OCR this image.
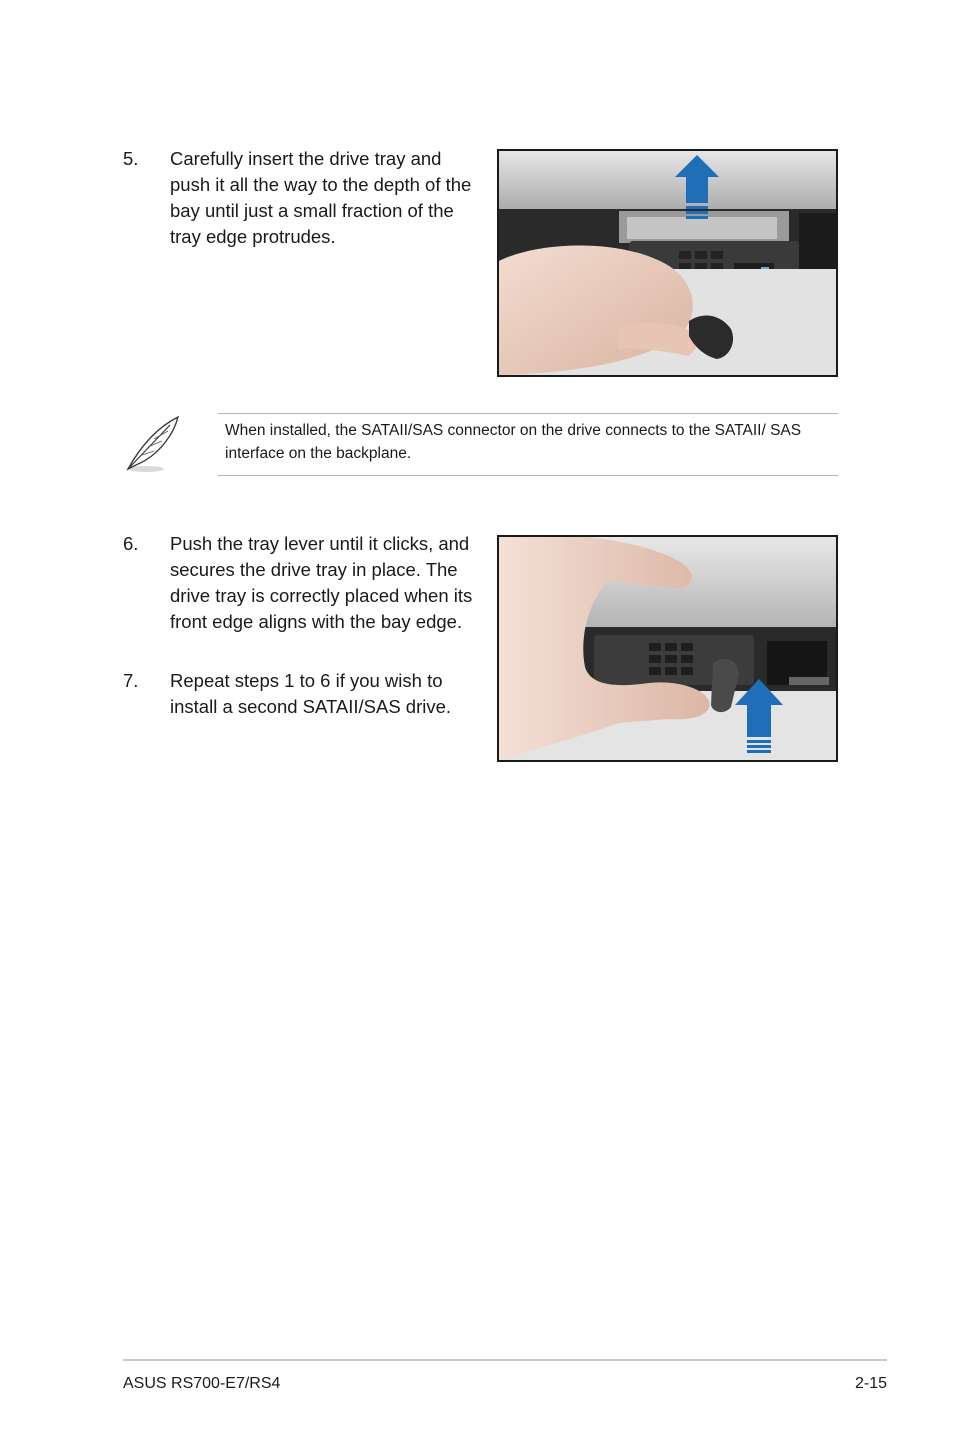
5. Carefully insert the drive tray and push it all the way to the depth of the bay until just a small fraction of the tray edge protrudes.
When installed, the SATAII/SAS connector on the drive connects to the SATAII/ SAS interface on the backplane.
6. Push the tray lever until it clicks, and secures the drive tray in place. The drive tray is correctly placed when its front edge aligns with the bay edge.
7. Repeat steps 1 to 6 if you wish to install a second SATAII/SAS drive.
ASUS RS700-E7/RS4	2-15
